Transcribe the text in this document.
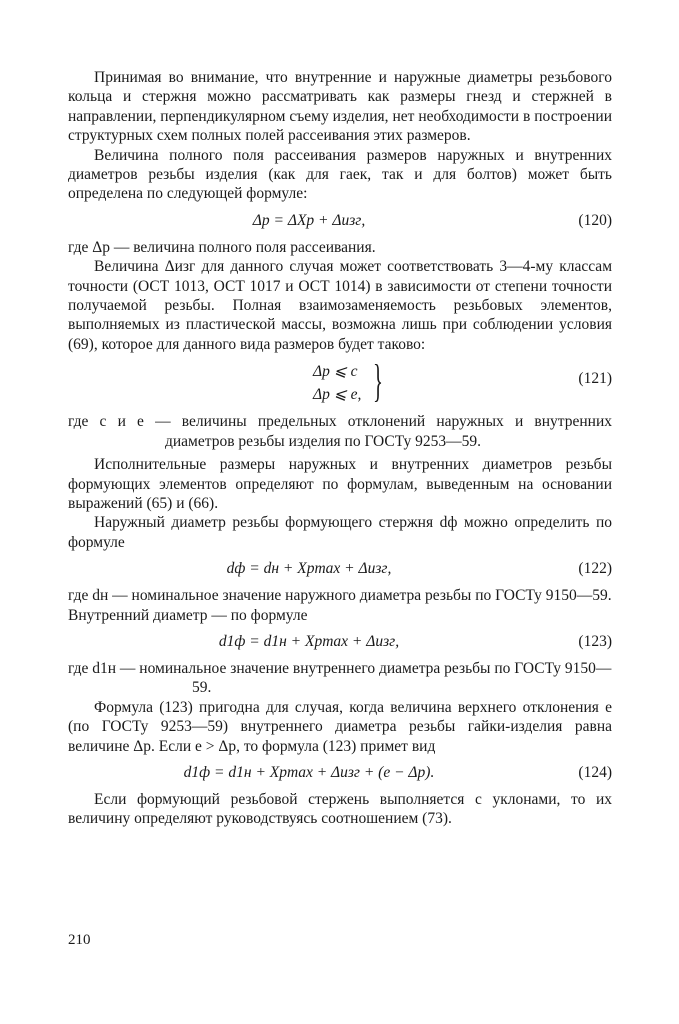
Принимая во внимание, что внутренние и наружные диаметры резьбового кольца и стержня можно рассматривать как размеры гнезд и стержней в направлении, перпендикулярном съему изделия, нет необходимости в построении структурных схем полных полей рассеивания этих размеров.

Величина полного поля рассеивания размеров наружных и внутренних диаметров резьбы изделия (как для гаек, так и для болтов) может быть определена по следующей формуле:

Δp = ΔXp + Δизг,	(120)

где Δp — величина полного поля рассеивания.

Величина Δизг для данного случая может соответствовать 3—4-му классам точности (ОСТ 1013, ОСТ 1017 и ОСТ 1014) в зависимости от степени точности получаемой резьбы. Полная взаимозаменяемость резьбовых элементов, выполняемых из пластической массы, возможна лишь при соблюдении условия (69), которое для данного вида размеров будет таково:

Δp ⩽ c
Δp ⩽ e, }	(121)

где c и e — величины предельных отклонений наружных и внутренних диаметров резьбы изделия по ГОСТу 9253—59.

Исполнительные размеры наружных и внутренних диаметров резьбы формующих элементов определяют по формулам, выведенным на основании выражений (65) и (66).

Наружный диаметр резьбы формующего стержня dф можно определить по формуле

dф = dн + Xpmax + Δизг,	(122)

где dн — номинальное значение наружного диаметра резьбы по ГОСТу 9150—59.

Внутренний диаметр — по формуле

d1ф = d1н + Xpmax + Δизг,	(123)

где d1н — номинальное значение внутреннего диаметра резьбы по ГОСТу 9150—59.

Формула (123) пригодна для случая, когда величина верхнего отклонения e (по ГОСТу 9253—59) внутреннего диаметра резьбы гайки-изделия равна величине Δp. Если e > Δp, то формула (123) примет вид

d1ф = d1н + Xpmax + Δизг + (e − Δp).	(124)

Если формующий резьбовой стержень выполняется с уклонами, то их величину определяют руководствуясь соотношением (73).

210
